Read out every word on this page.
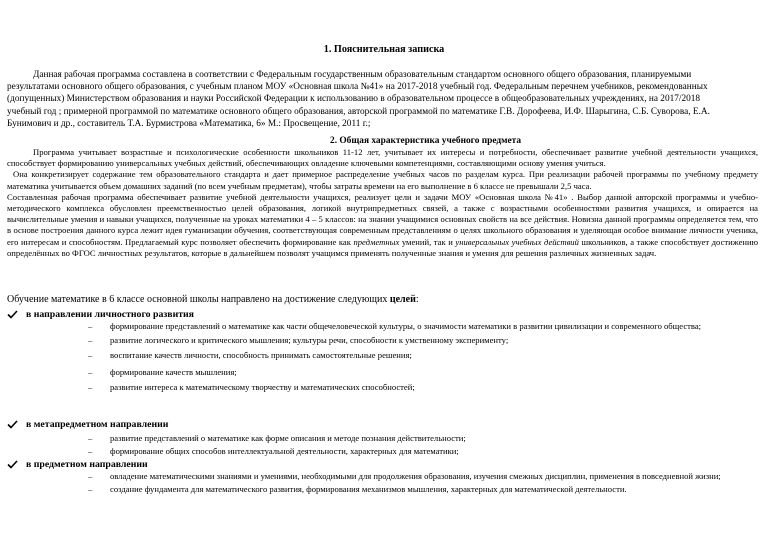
1. Пояснительная записка
Данная рабочая программа составлена в соответствии с Федеральным государственным образовательным стандартом основного общего образования, планируемыми результатами основного общего образования, с учебным планом МОУ «Основная школа №41» на 2017-2018 учебный год. Федеральным перечнем учебников, рекомендованных (допущенных) Министерством образования и науки Российской Федерации к использованию в образовательном процессе в общеобразовательных учреждениях, на 2017/2018 учебный год ; примерной программой по математике основного общего образования, авторской программой по математике Г.В. Дорофеева, И.Ф. Шарыгина, С.Б. Суворова, Е.А. Бунимович и др., составитель Т.А. Бурмистрова «Математика, 6» М.: Просвещение, 2011 г.;
2. Общая характеристика учебного предмета

Программа учитывает возрастные и психологические особенности школьников 11-12 лет, учитывает их интересы и потребности, обеспечивает развитие учебной деятельности учащихся, способствует формированию универсальных учебных действий, обеспечивающих овладение ключевыми компетенциями, составляющими основу умения учиться.

Она конкретизирует содержание тем образовательного стандарта и дает примерное распределение учебных часов по разделам курса. При реализации рабочей программы по учебному предмету математика учитывается объем домашних заданий (по всем учебным предметам), чтобы затраты времени на его выполнение в 6 классе не превышали 2,5 часа.

Составленная рабочая программа обеспечивает развитие учебной деятельности учащихся, реализует цели и задачи МОУ «Основная школа №41» . Выбор данной авторской программы и учебно-методического комплекса обусловлен преемственностью целей образования, логикой внутрипредметных связей, а также с возрастными особенностями развития учащихся, и опирается на вычислительные умения и навыки учащихся, полученные на уроках математики 4 – 5 классов: на знании учащимися основных свойств на все действия. Новизна данной программы определяется тем, что в основе построения данного курса лежит идея гуманизации обучения, соответствующая современным представлениям о целях школьного образования и уделяющая особое внимание личности ученика, его интересам и способностям. Предлагаемый курс позволяет обеспечить формирование как предметных умений, так и универсальных учебных действий школьников, а также способствует достижению определённых во ФГОС личностных результатов, которые в дальнейшем позволят учащимся применять полученные знания и умения для решения различных жизненных задач.

Обучение математике в 6 классе основной школы направлено на достижение следующих целей:
в направлении личностного развития
– формирование представлений о математике как части общечеловеческой культуры, о значимости математики в развитии цивилизации и современного общества;
– развитие логического и критического мышления; культуры речи, способности к умственному эксперименту;
– воспитание качеств личности, способность принимать самостоятельные решения;
– формирование качеств мышления;
– развитие интереса к математическому творчеству и математических способностей;
в метапредметном направлении
– развитие представлений о математике как форме описания и методе познания действительности;
– формирование общих способов интеллектуальной деятельности, характерных для математики;
в предметном направлении
– овладение математическими знаниями и умениями, необходимыми для продолжения образования, изучения смежных дисциплин, применения в повседневной жизни;
– создание фундамента для математического развития, формирования механизмов мышления, характерных для математической деятельности.
